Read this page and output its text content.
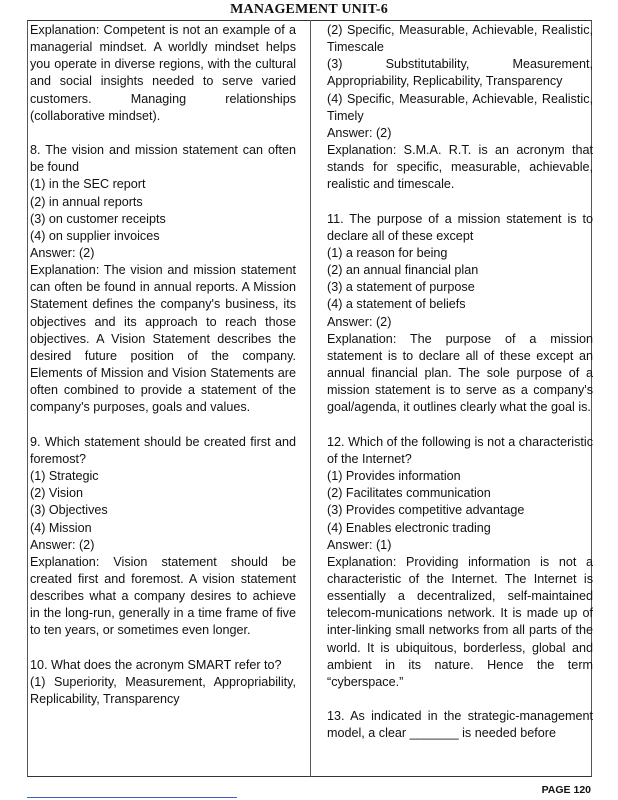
MANAGEMENT UNIT-6

Explanation: Competent is not an example of a managerial mindset. A worldly mindset helps you operate in diverse regions, with the cultural and social insights needed to serve varied customers. Managing relationships (collaborative mindset).

8. The vision and mission statement can often be found

(1) in the SEC report

(2) in annual reports

(3) on customer receipts

(4) on supplier invoices

Answer: (2)

Explanation: The vision and mission statement can often be found in annual reports. A Mission Statement defines the company's business, its objectives and its approach to reach those objectives. A Vision Statement describes the desired future position of the company. Elements of Mission and Vision Statements are often combined to provide a statement of the company's purposes, goals and values.

9. Which statement should be created first and foremost?

(1) Strategic

(2) Vision

(3) Objectives

(4) Mission

Answer: (2)

Explanation: Vision statement should be created first and foremost. A vision statement describes what a company desires to achieve in the long-run, generally in a time frame of five to ten years, or sometimes even longer.

10. What does the acronym SMART refer to?

(1) Superiority, Measurement, Appropriability, Replicability, Transparency

(2) Specific, Measurable, Achievable, Realistic, Timescale

(3) Substitutability, Measurement, Appropriability, Replicability, Transparency

(4) Specific, Measurable, Achievable, Realistic, Timely

Answer: (2)

Explanation: S.M.A. R.T. is an acronym that stands for specific, measurable, achievable, realistic and timescale.

11. The purpose of a mission statement is to declare all of these except

(1) a reason for being

(2) an annual financial plan

(3) a statement of purpose

(4) a statement of beliefs

Answer: (2)

Explanation: The purpose of a mission statement is to declare all of these except an annual financial plan. The sole purpose of a mission statement is to serve as a company's goal/agenda, it outlines clearly what the goal is.

12. Which of the following is not a characteristic of the Internet?

(1) Provides information

(2) Facilitates communication

(3) Provides competitive advantage

(4) Enables electronic trading

Answer: (1)

Explanation: Providing information is not a characteristic of the Internet. The Internet is essentially a decentralized, self-maintained telecom-munications network. It is made up of inter-linking small networks from all parts of the world. It is ubiquitous, borderless, global and ambient in its nature. Hence the term “cyberspace.”

13. As indicated in the strategic-management model, a clear _______ is needed before

PAGE 120
